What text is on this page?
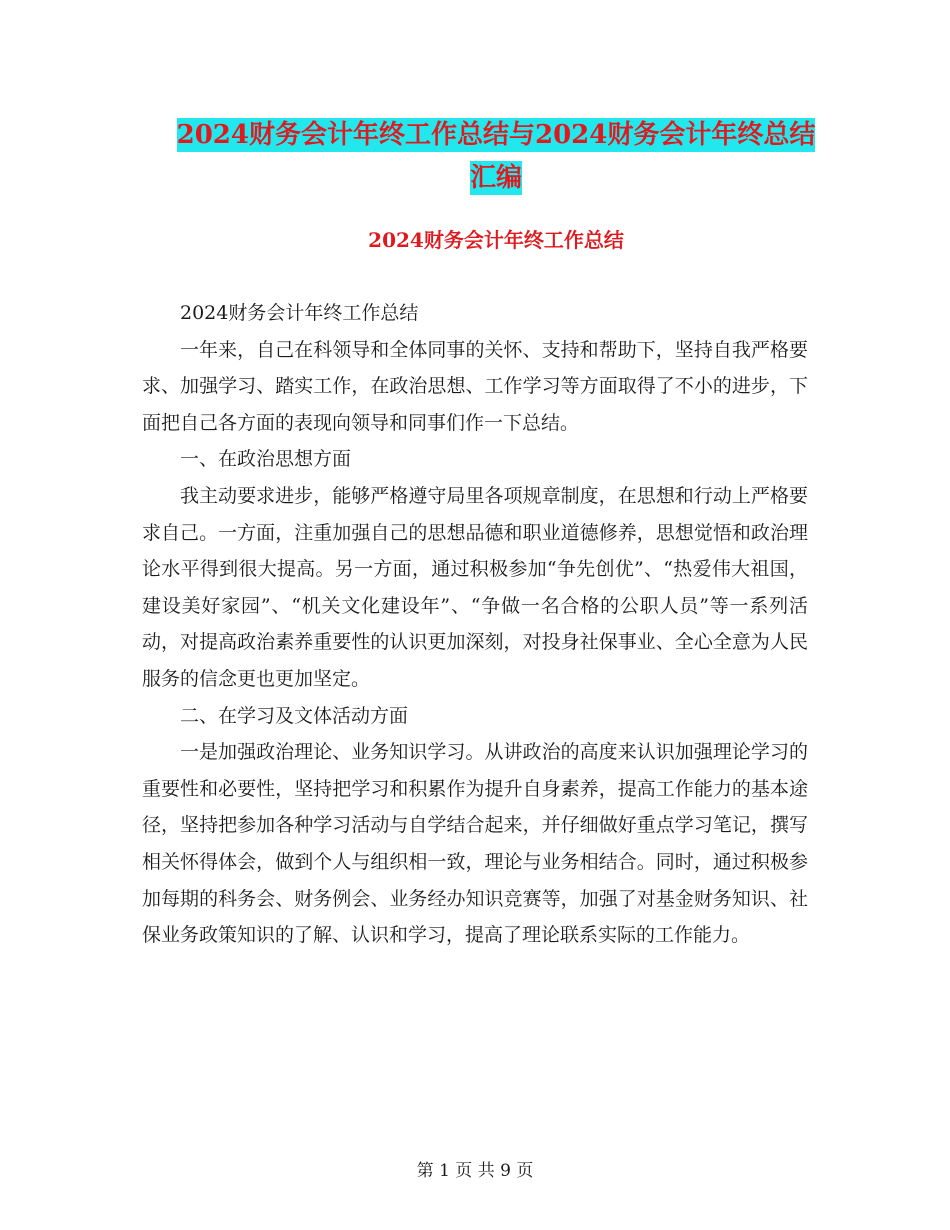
2024财务会计年终工作总结与2024财务会计年终总结
汇编
2024财务会计年终工作总结

2024财务会计年终工作总结

一年来，自己在科领导和全体同事的关怀、支持和帮助下，坚持自我严格要求、加强学习、踏实工作，在政治思想、工作学习等方面取得了不小的进步，下面把自己各方面的表现向领导和同事们作一下总结。

一、在政治思想方面

我主动要求进步，能够严格遵守局里各项规章制度，在思想和行动上严格要求自己。一方面，注重加强自己的思想品德和职业道德修养，思想觉悟和政治理论水平得到很大提高。另一方面，通过积极参加“争先创优”、“热爱伟大祖国，建设美好家园”、“机关文化建设年”、“争做一名合格的公职人员”等一系列活动，对提高政治素养重要性的认识更加深刻，对投身社保事业、全心全意为人民服务的信念更也更加坚定。

二、在学习及文体活动方面

一是加强政治理论、业务知识学习。从讲政治的高度来认识加强理论学习的重要性和必要性，坚持把学习和积累作为提升自身素养，提高工作能力的基本途径，坚持把参加各种学习活动与自学结合起来，并仔细做好重点学习笔记，撰写相关怀得体会，做到个人与组织相一致，理论与业务相结合。同时，通过积极参加每期的科务会、财务例会、业务经办知识竞赛等，加强了对基金财务知识、社保业务政策知识的了解、认识和学习，提高了理论联系实际的工作能力。

第 1 页 共 9 页
